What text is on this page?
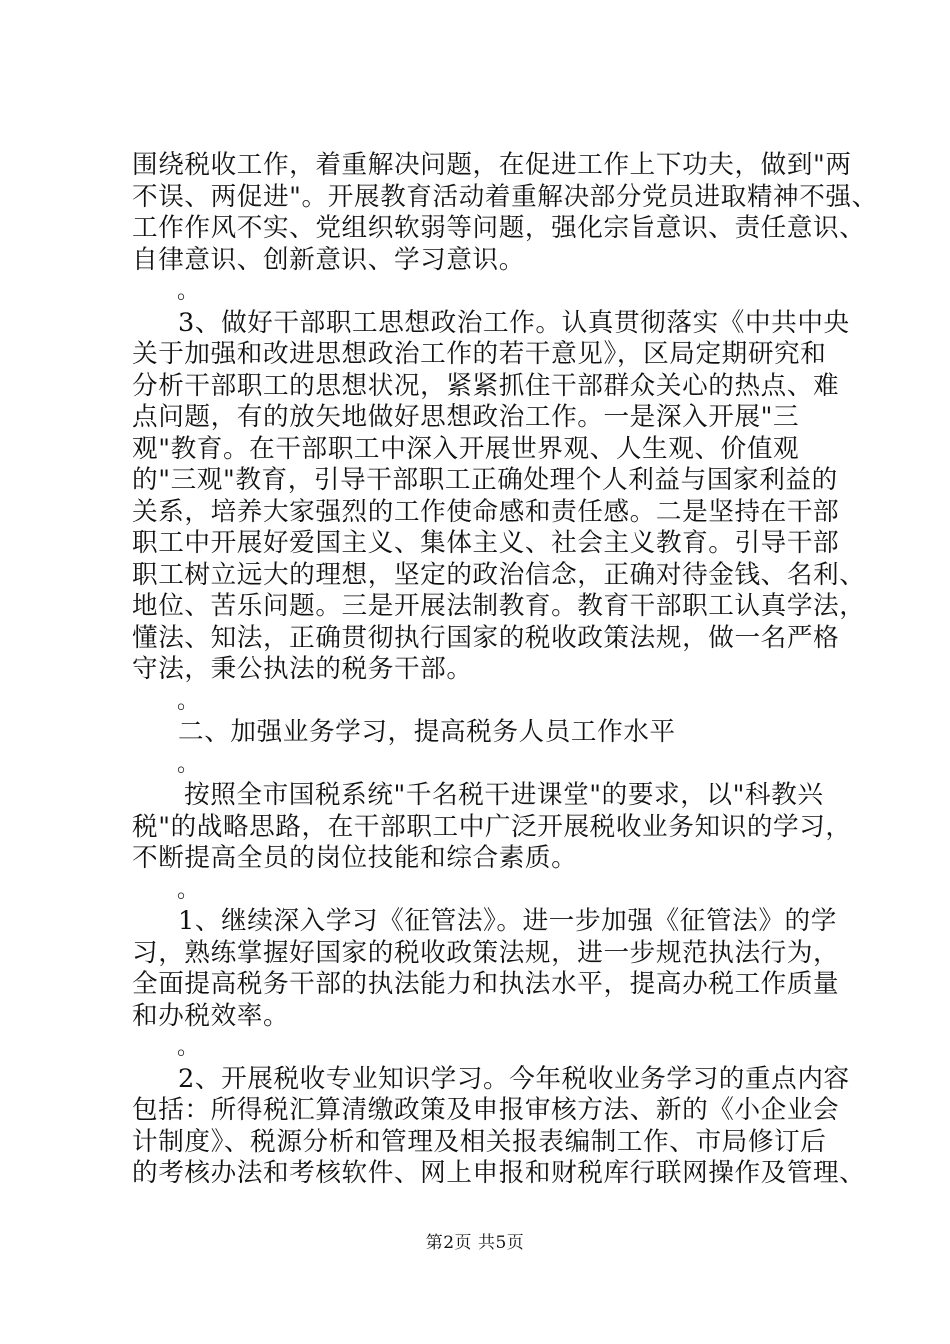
围绕税收工作，着重解决问题，在促进工作上下功夫，做到"两
不误、两促进"。开展教育活动着重解决部分党员进取精神不强、
工作作风不实、党组织软弱等问题，强化宗旨意识、责任意识、
自律意识、创新意识、学习意识。
。
3、做好干部职工思想政治工作。认真贯彻落实《中共中央
关于加强和改进思想政治工作的若干意见》，区局定期研究和
分析干部职工的思想状况，紧紧抓住干部群众关心的热点、难
点问题，有的放矢地做好思想政治工作。一是深入开展"三
观"教育。在干部职工中深入开展世界观、人生观、价值观
的"三观"教育，引导干部职工正确处理个人利益与国家利益的
关系，培养大家强烈的工作使命感和责任感。二是坚持在干部
职工中开展好爱国主义、集体主义、社会主义教育。引导干部
职工树立远大的理想，坚定的政治信念，正确对待金钱、名利、
地位、苦乐问题。三是开展法制教育。教育干部职工认真学法，
懂法、知法，正确贯彻执行国家的税收政策法规，做一名严格
守法，秉公执法的税务干部。
。
二、加强业务学习，提高税务人员工作水平
。
按照全市国税系统"千名税干进课堂"的要求，以"科教兴
税"的战略思路，在干部职工中广泛开展税收业务知识的学习，
不断提高全员的岗位技能和综合素质。
。
1、继续深入学习《征管法》。进一步加强《征管法》的学
习，熟练掌握好国家的税收政策法规，进一步规范执法行为，
全面提高税务干部的执法能力和执法水平，提高办税工作质量
和办税效率。
。
2、开展税收专业知识学习。今年税收业务学习的重点内容
包括：所得税汇算清缴政策及申报审核方法、新的《小企业会
计制度》、税源分析和管理及相关报表编制工作、市局修订后
的考核办法和考核软件、网上申报和财税库行联网操作及管理、
第2页 共5页
